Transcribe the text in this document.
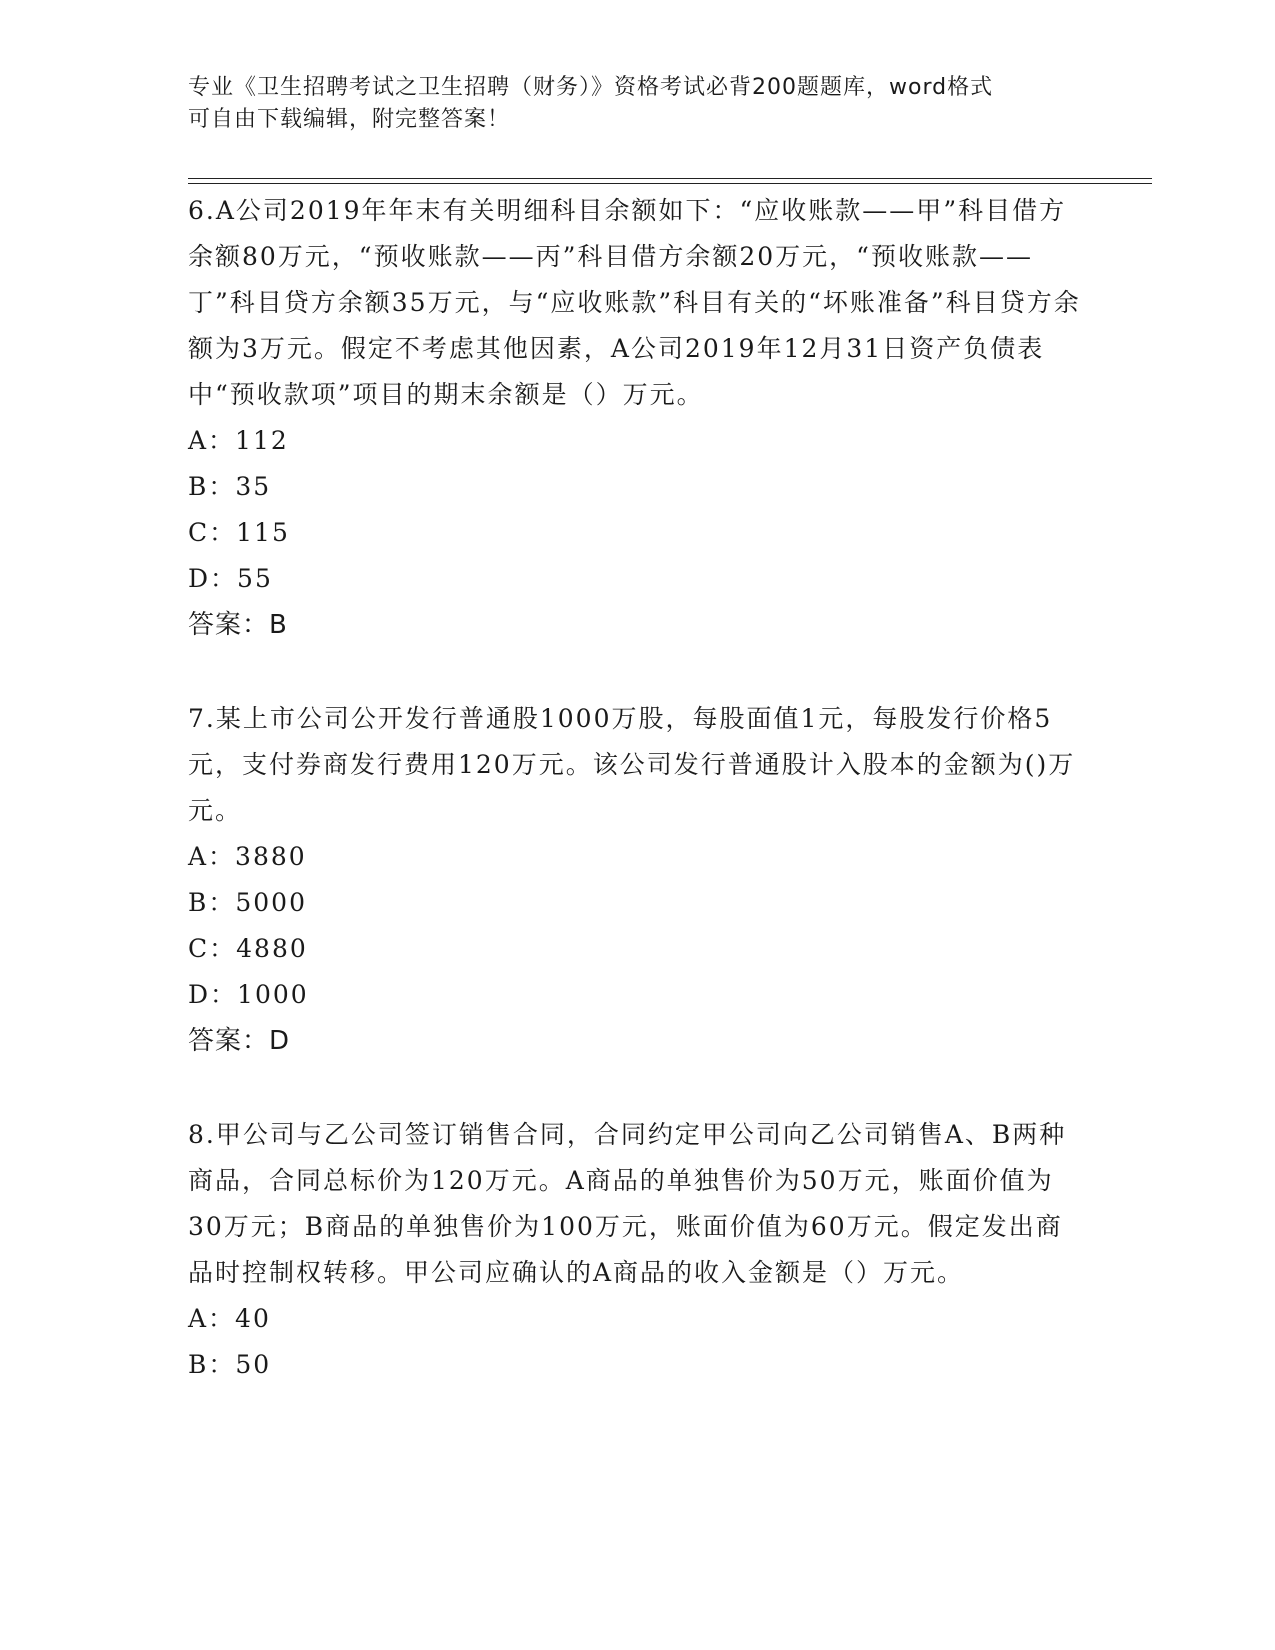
专业《卫生招聘考试之卫生招聘（财务）》资格考试必背200题题库，word格式

可自由下载编辑，附完整答案！

6.A公司2019年年末有关明细科目余额如下：“应收账款——甲”科目借方余额80万元，“预收账款——丙”科目借方余额20万元，“预收账款——丁”科目贷方余额35万元，与“应收账款”科目有关的“坏账准备”科目贷方余额为3万元。假定不考虑其他因素，A公司2019年12月31日资产负债表中“预收款项”项目的期末余额是（）万元。

A：112

B：35

C：115

D：55

答案：B

7.某上市公司公开发行普通股1000万股，每股面值1元，每股发行价格5元，支付券商发行费用120万元。该公司发行普通股计入股本的金额为()万元。

A：3880

B：5000

C：4880

D：1000

答案：D

8.甲公司与乙公司签订销售合同，合同约定甲公司向乙公司销售A、B两种商品，合同总标价为120万元。A商品的单独售价为50万元，账面价值为30万元；B商品的单独售价为100万元，账面价值为60万元。假定发出商品时控制权转移。甲公司应确认的A商品的收入金额是（）万元。

A：40

B：50
